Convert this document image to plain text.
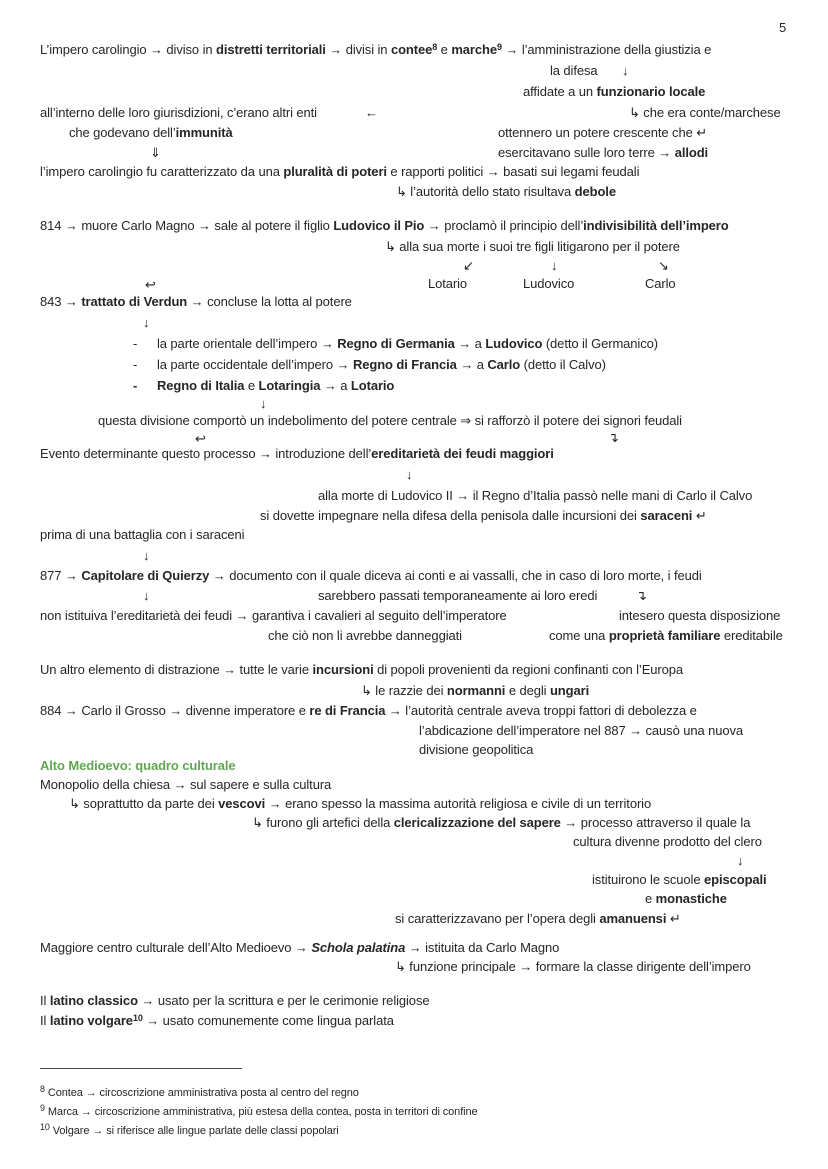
5
L’impero carolingio → diviso in distretti territoriali → divisi in contee$^8$ e marche$^9$ → l’amministrazione della giustizia e
la difesa ↓
affidate a un funzionario locale
all’interno delle loro giurisdizioni, c’erano altri enti	←	↳ che era conte/marchese
che godevano dell’immunità	ottennero un potere crescente che ↵
⇓	esercitavano sulle loro terre → allodi
l’impero carolingio fu caratterizzato da una pluralità di poteri e rapporti politici → basati sui legami feudali
↳ l’autorità dello stato risultava debole
814 → muore Carlo Magno → sale al potere il figlio Ludovico il Pio → proclamò il principio dell’indivisibilità dell’impero
↳ alla sua morte i suoi tre figli litigarono per il potere
↙	↓	↘
Lotario	Ludovico	Carlo
↩
843 → trattato di Verdun → concluse la lotta al potere
↓
- la parte orientale dell’impero → Regno di Germania → a Ludovico (detto il Germanico)
- la parte occidentale dell’impero → Regno di Francia → a Carlo (detto il Calvo)
- Regno di Italia e Lotaringia → a Lotario
↓
questa divisione comportò un indebolimento del potere centrale ⇒ si rafforzò il potere dei signori feudali
↩	↴
Evento determinante questo processo → introduzione dell’ereditarietà dei feudi maggiori
↓
alla morte di Ludovico II → il Regno d’Italia passò nelle mani di Carlo il Calvo
si dovette impegnare nella difesa della penisola dalle incursioni dei saraceni ↵
prima di una battaglia con i saraceni
↓
877 → Capitolare di Quierzy → documento con il quale diceva ai conti e ai vassalli, che in caso di loro morte, i feudi
↓	sarebbero passati temporaneamente ai loro eredi	↴
non istituiva l’ereditarietà dei feudi → garantiva i cavalieri al seguito dell’imperatore	intesero questa disposizione
che ciò non li avrebbe danneggiati	come una proprietà familiare ereditabile
Un altro elemento di distrazione → tutte le varie incursioni di popoli provenienti da regioni confinanti con l’Europa
↳ le razzie dei normanni e degli ungari
884 → Carlo il Grosso → divenne imperatore e re di Francia → l’autorità centrale aveva troppi fattori di debolezza e
l’abdicazione dell’imperatore nel 887 → causò una nuova
divisione geopolitica
Alto Medioevo: quadro culturale
Monopolio della chiesa → sul sapere e sulla cultura
↳ soprattutto da parte dei vescovi → erano spesso la massima autorità religiosa e civile di un territorio
↳ furono gli artefici della clericalizzazione del sapere → processo attraverso il quale la
cultura divenne prodotto del clero
↓
istituirono le scuole episcopali
e monastiche
si caratterizzavano per l’opera degli amanuensi ↵
Maggiore centro culturale dell’Alto Medioevo → Schola palatina → istituita da Carlo Magno
↳ funzione principale → formare la classe dirigente dell’impero
Il latino classico → usato per la scrittura e per le cerimonie religiose
Il latino volgare$^{10}$ → usato comunemente come lingua parlata
$^8$ Contea → circoscrizione amministrativa posta al centro del regno
$^9$ Marca → circoscrizione amministrativa, più estesa della contea, posta in territori di confine
$^{10}$ Volgare → si riferisce alle lingue parlate delle classi popolari
